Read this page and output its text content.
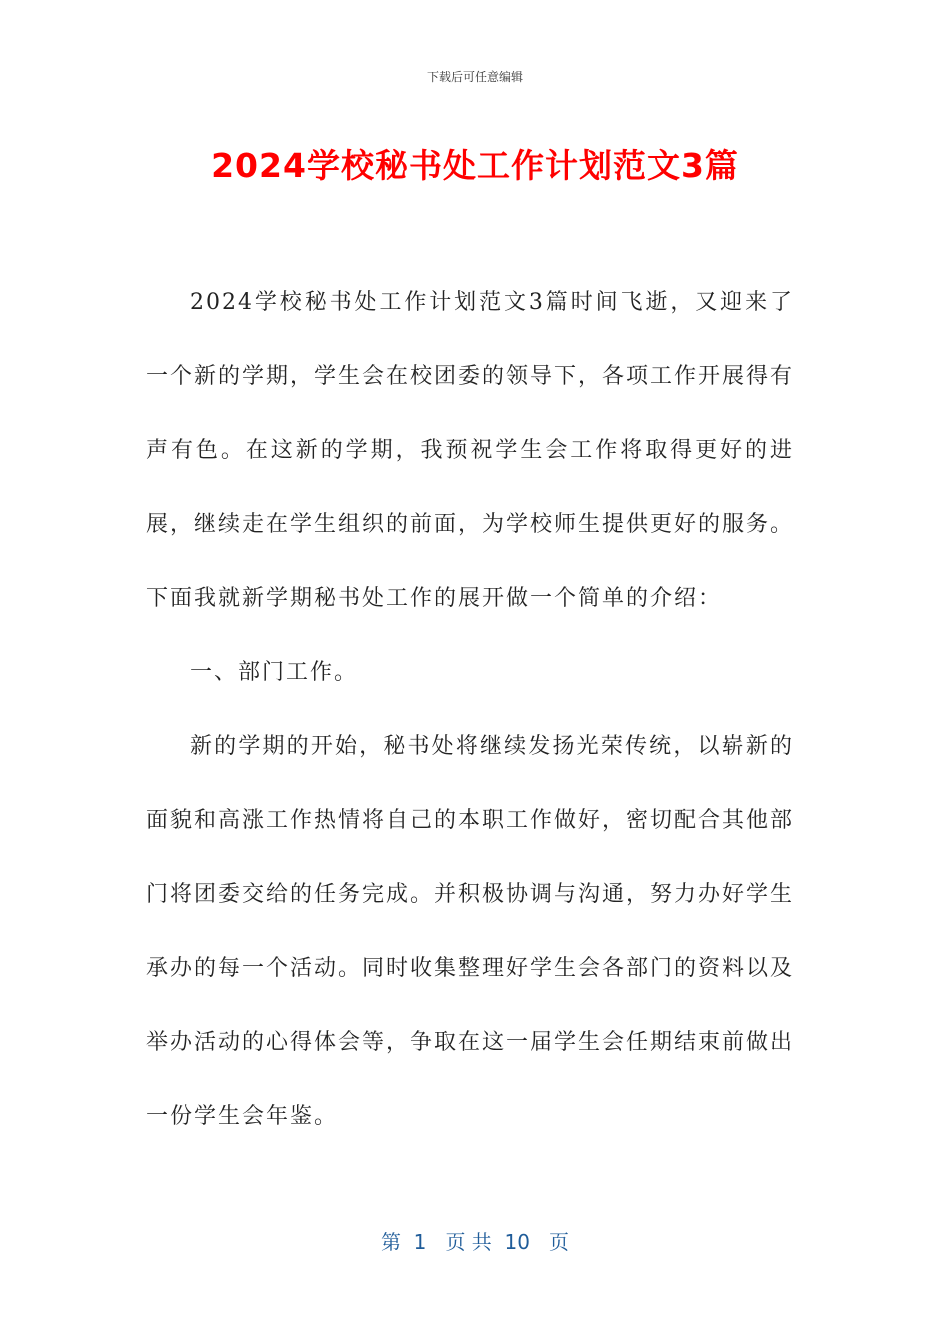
下载后可任意编辑
2024学校秘书处工作计划范文3篇

2024学校秘书处工作计划范文3篇时间飞逝，又迎来了一个新的学期，学生会在校团委的领导下，各项工作开展得有声有色。在这新的学期，我预祝学生会工作将取得更好的进展，继续走在学生组织的前面，为学校师生提供更好的服务。下面我就新学期秘书处工作的展开做一个简单的介绍：

一、部门工作。

新的学期的开始，秘书处将继续发扬光荣传统，以崭新的面貌和高涨工作热情将自己的本职工作做好，密切配合其他部门将团委交给的任务完成。并积极协调与沟通，努力办好学生承办的每一个活动。同时收集整理好学生会各部门的资料以及举办活动的心得体会等，争取在这一届学生会任期结束前做出一份学生会年鉴。

第  1   页 共  10   页
